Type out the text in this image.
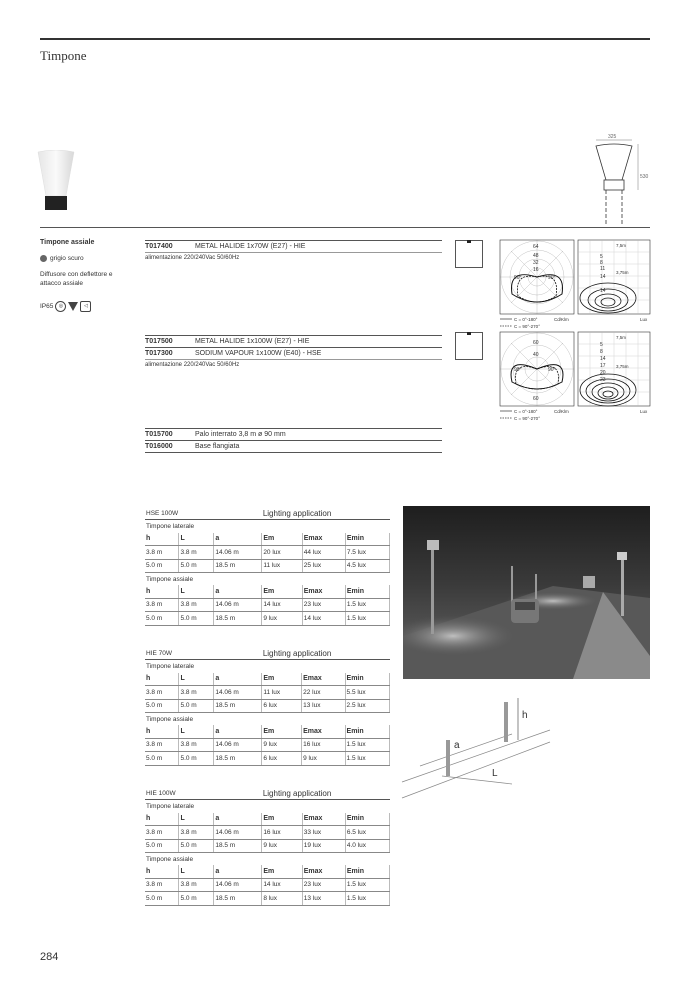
Timpone
325
530
Timpone assiale
grigio scuro
Diffusore con deflettore e attacco assiale
IP65	◎	◁
T017400	METAL HALIDE 1x70W (E27) - HIE
alimentazione 220/240Vac 50/60Hz
T017500	METAL HALIDE 1x100W (E27) - HIE
T017300	SODIUM VAPOUR 1x100W (E40) - HSE
alimentazione 220/240Vac 50/60Hz
T015700	Palo interrato 3,8 m ø 90 mm
T016000	Base flangiata
64
48
32
16
90°	90°
7,5m
3,75m
5
8
11
14
14
C = 0°-180°
C = 90°-270°
Cd/Klm	Lux
60
40
60
90°	90°
7,5m
3,75m
5
8
14
17
20
23
C = 0°-180°
C = 90°-270°
Cd/Klm	Lux
HSE 100W			Lighting application		
Timpone laterale					
h	L	a	Em	Emax	Emin
3.8 m	3.8 m	14.06 m	20 lux	44 lux	7.5 lux
5.0 m	5.0 m	18.5 m	11 lux	25 lux	4.5 lux
Timpone assiale					
h	L	a	Em	Emax	Emin
3.8 m	3.8 m	14.06 m	14 lux	23 lux	1.5 lux
5.0 m	5.0 m	18.5 m	9 lux	14 lux	1.5 lux
HIE 70W			Lighting application		
Timpone laterale					
h	L	a	Em	Emax	Emin
3.8 m	3.8 m	14.06 m	11 lux	22 lux	5.5 lux
5.0 m	5.0 m	18.5 m	6 lux	13 lux	2.5 lux
Timpone assiale					
h	L	a	Em	Emax	Emin
3.8 m	3.8 m	14.06 m	9 lux	16 lux	1.5 lux
5.0 m	5.0 m	18.5 m	6 lux	9 lux	1.5 lux
HIE 100W			Lighting application		
Timpone laterale					
h	L	a	Em	Emax	Emin
3.8 m	3.8 m	14.06 m	16 lux	33 lux	6.5 lux
5.0 m	5.0 m	18.5 m	9 lux	19 lux	4.0 lux
Timpone assiale					
h	L	a	Em	Emax	Emin
3.8 m	3.8 m	14.06 m	14 lux	23 lux	1.5 lux
5.0 m	5.0 m	18.5 m	8 lux	13 lux	1.5 lux
h
a
L
284
